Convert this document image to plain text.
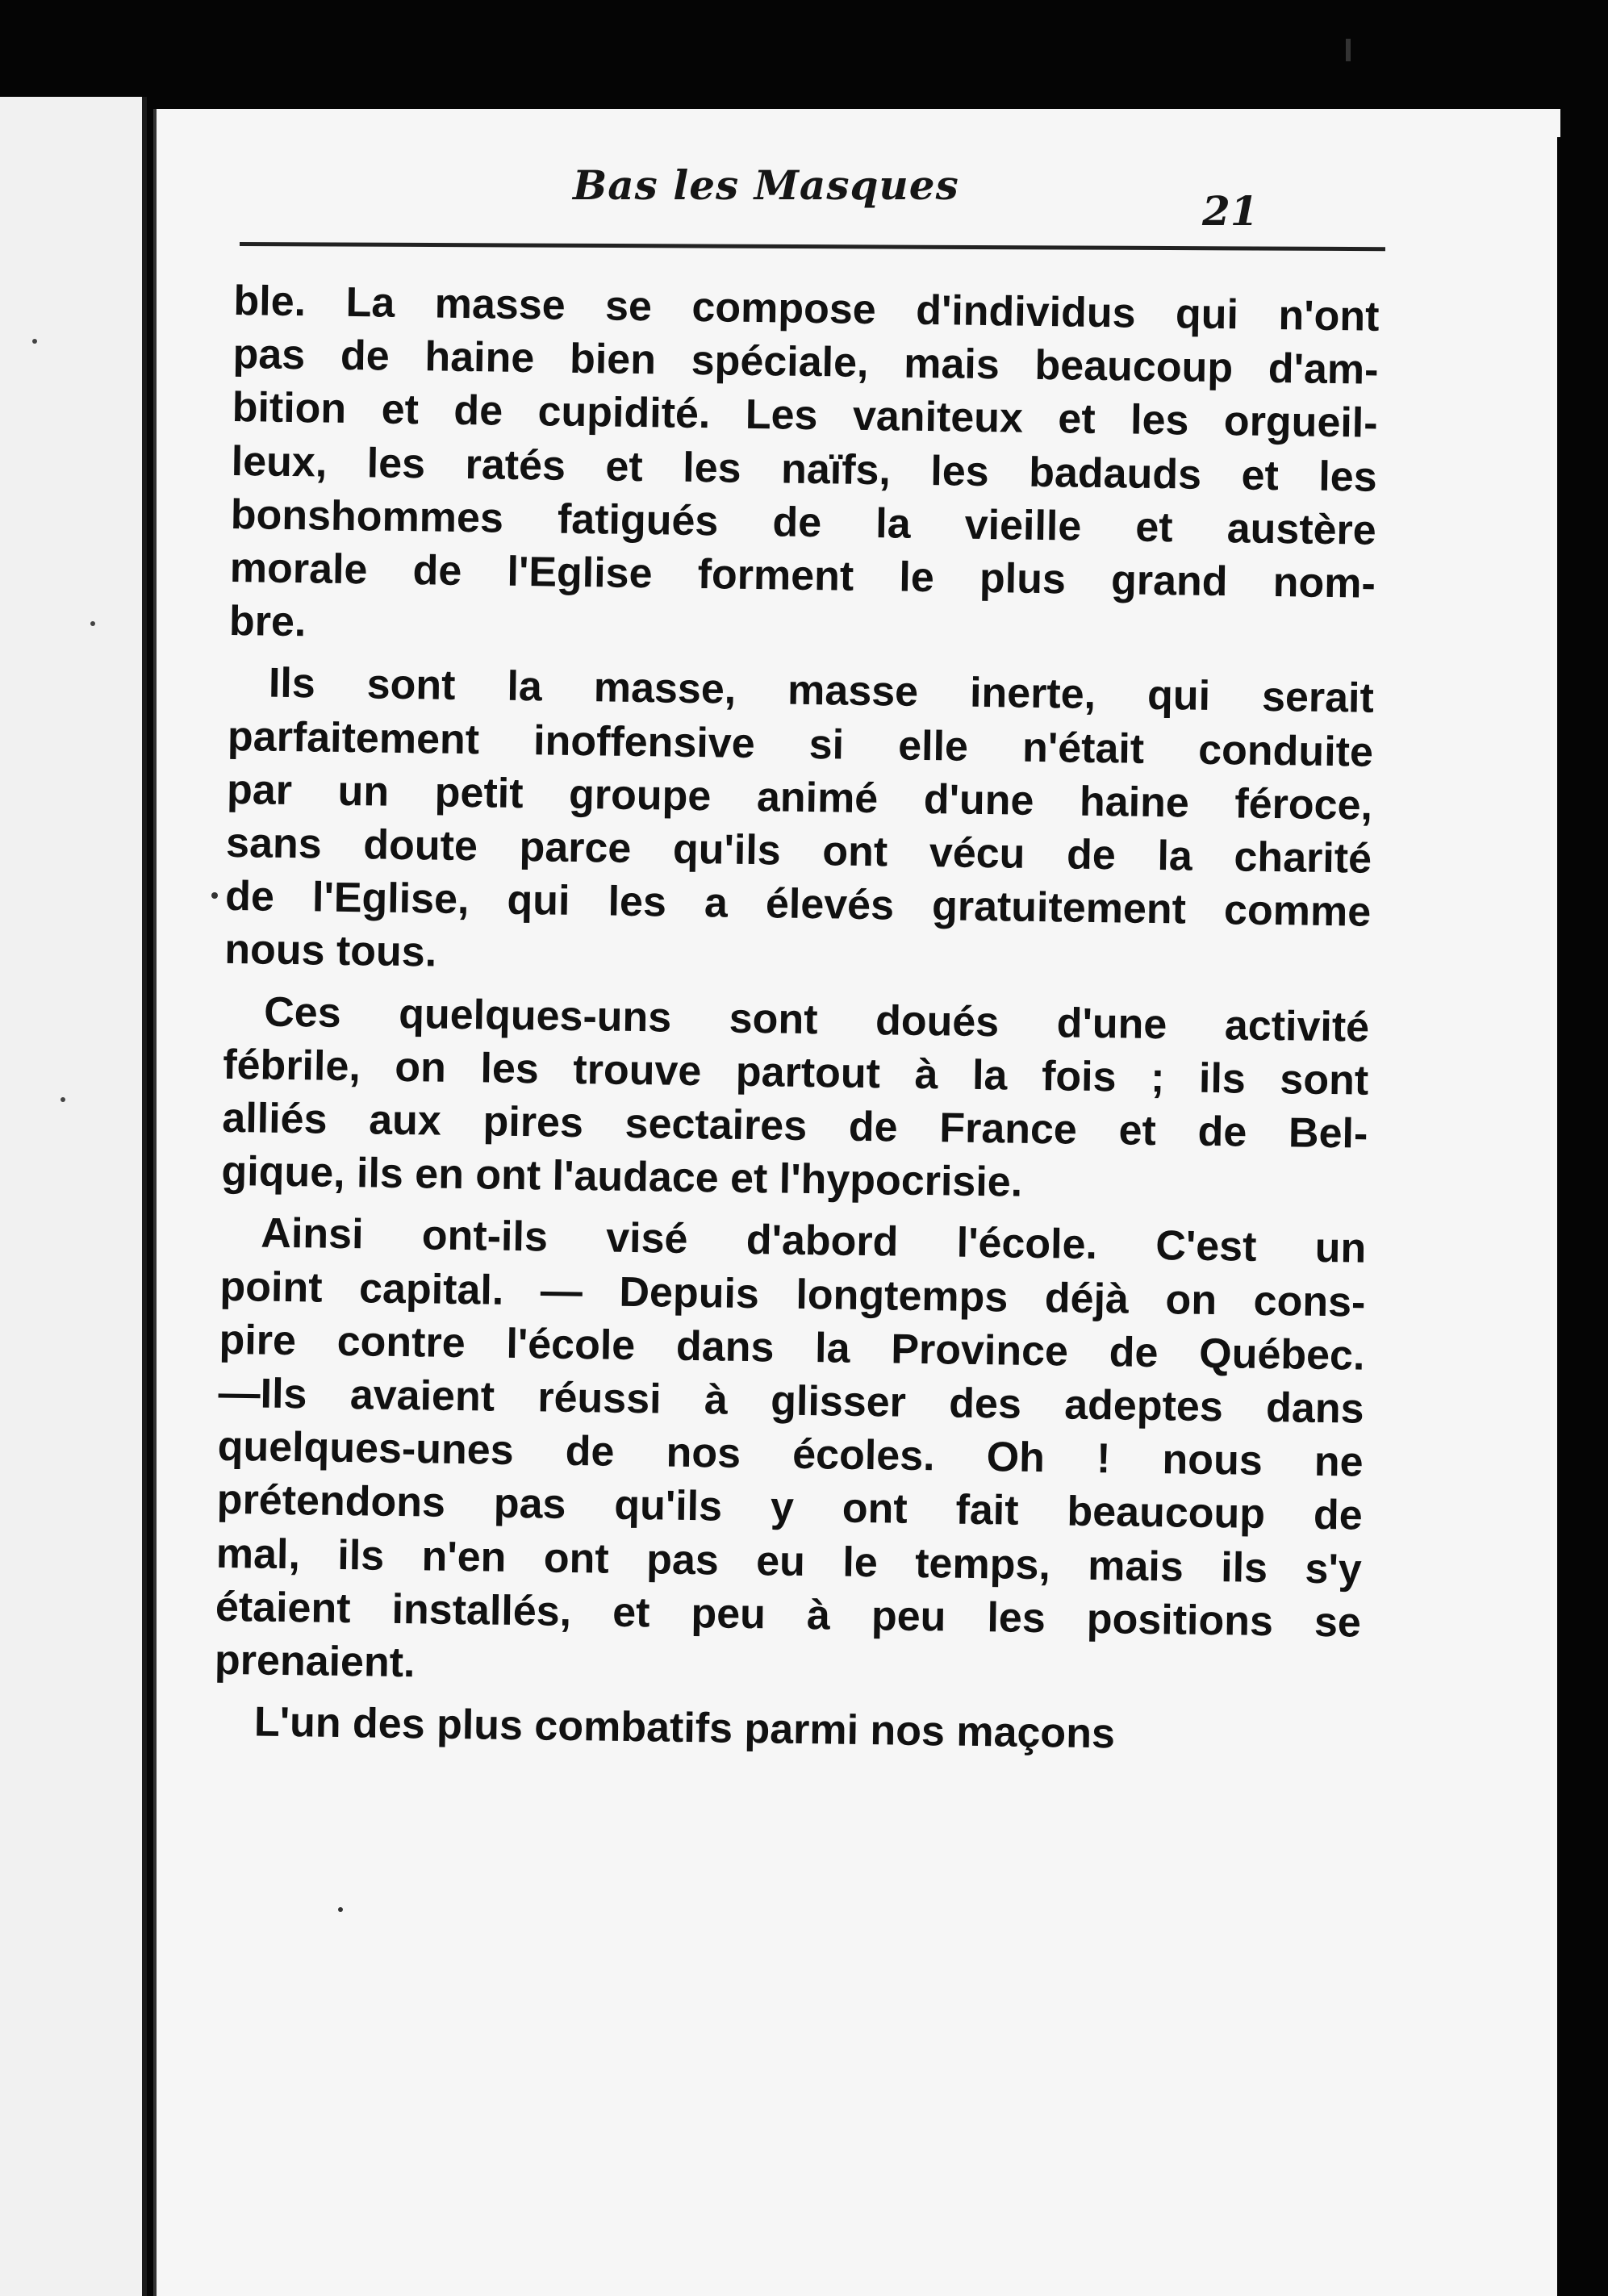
Bas les Masques
21
ble. La masse se compose d'individus qui n'ont
pas de haine bien spéciale, mais beaucoup d'am-
bition et de cupidité. Les vaniteux et les orgueil-
leux, les ratés et les naïfs, les badauds et les
bonshommes fatigués de la vieille et austère
morale de l'Eglise forment le plus grand nom-
bre.
Ils sont la masse, masse inerte, qui serait
parfaitement inoffensive si elle n'était conduite
par un petit groupe animé d'une haine féroce,
sans doute parce qu'ils ont vécu de la charité
de l'Eglise, qui les a élevés gratuitement comme
nous tous.
Ces quelques-uns sont doués d'une activité
fébrile, on les trouve partout à la fois ; ils sont
alliés aux pires sectaires de France et de Bel-
gique, ils en ont l'audace et l'hypocrisie.
Ainsi ont-ils visé d'abord l'école. C'est un
point capital. — Depuis longtemps déjà on cons-
pire contre l'école dans la Province de Québec.
—Ils avaient réussi à glisser des adeptes dans
quelques-unes de nos écoles. Oh ! nous ne
prétendons pas qu'ils y ont fait beaucoup de
mal, ils n'en ont pas eu le temps, mais ils s'y
étaient installés, et peu à peu les positions se
prenaient.
L'un des plus combatifs parmi nos maçons
